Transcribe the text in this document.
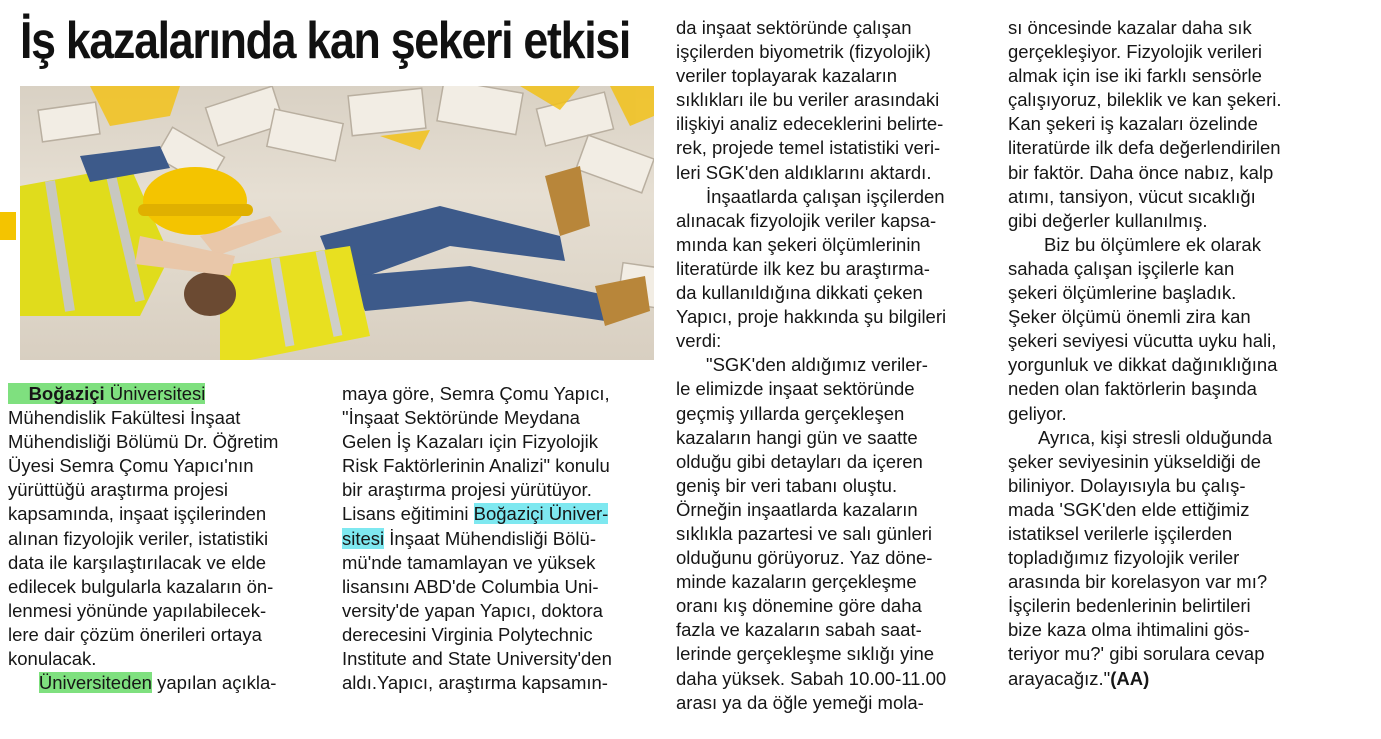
İş kazalarında kan şekeri etkisi
Boğaziçi Üniversitesi
Mühendislik Fakültesi İnşaat
Mühendisliği Bölümü Dr. Öğretim
Üyesi Semra Çomu Yapıcı'nın
yürüttüğü araştırma projesi
kapsamında, inşaat işçilerinden
alınan fizyolojik veriler, istatistiki
data ile karşılaştırılacak ve elde
edilecek bulgularla kazaların ön-
lenmesi yönünde yapılabilecek-
lere dair çözüm önerileri ortaya
konulacak.
Üniversiteden yapılan açıkla-
maya göre, Semra Çomu Yapıcı,
"İnşaat Sektöründe Meydana
Gelen İş Kazaları için Fizyolojik
Risk Faktörlerinin Analizi" konulu
bir araştırma projesi yürütüyor.
Lisans eğitimini Boğaziçi Üniver-
sitesi İnşaat Mühendisliği Bölü-
mü'nde tamamlayan ve yüksek
lisansını ABD'de Columbia Uni-
versity'de yapan Yapıcı, doktora
derecesini Virginia Polytechnic
Institute and State University'den
aldı.Yapıcı, araştırma kapsamın-
da inşaat sektöründe çalışan
işçilerden biyometrik (fizyolojik)
veriler toplayarak kazaların
sıklıkları ile bu veriler arasındaki
ilişkiyi analiz edeceklerini belirte-
rek, projede temel istatistiki veri-
leri SGK'den aldıklarını aktardı.
İnşaatlarda çalışan işçilerden
alınacak fizyolojik veriler kapsa-
mında kan şekeri ölçümlerinin
literatürde ilk kez bu araştırma-
da kullanıldığına dikkati çeken
Yapıcı, proje hakkında şu bilgileri
verdi:
"SGK'den aldığımız veriler-
le elimizde inşaat sektöründe
geçmiş yıllarda gerçekleşen
kazaların hangi gün ve saatte
olduğu gibi detayları da içeren
geniş bir veri tabanı oluştu.
Örneğin inşaatlarda kazaların
sıklıkla pazartesi ve salı günleri
olduğunu görüyoruz. Yaz döne-
minde kazaların gerçekleşme
oranı kış dönemine göre daha
fazla ve kazaların sabah saat-
lerinde gerçekleşme sıklığı yine
daha yüksek. Sabah 10.00-11.00
arası ya da öğle yemeği mola-
sı öncesinde kazalar daha sık
gerçekleşiyor. Fizyolojik verileri
almak için ise iki farklı sensörle
çalışıyoruz, bileklik ve kan şekeri.
Kan şekeri iş kazaları özelinde
literatürde ilk defa değerlendirilen
bir faktör. Daha önce nabız, kalp
atımı, tansiyon, vücut sıcaklığı
gibi değerler kullanılmış.
Biz bu ölçümlere ek olarak
sahada çalışan işçilerle kan
şekeri ölçümlerine başladık.
Şeker ölçümü önemli zira kan
şekeri seviyesi vücutta uyku hali,
yorgunluk ve dikkat dağınıklığına
neden olan faktörlerin başında
geliyor.
Ayrıca, kişi stresli olduğunda
şeker seviyesinin yükseldiği de
biliniyor. Dolayısıyla bu çalış-
mada 'SGK'den elde ettiğimiz
istatiksel verilerle işçilerden
topladığımız fizyolojik veriler
arasında bir korelasyon var mı?
İşçilerin bedenlerinin belirtileri
bize kaza olma ihtimalini gös-
teriyor mu?' gibi sorulara cevap
arayacağız."(AA)
